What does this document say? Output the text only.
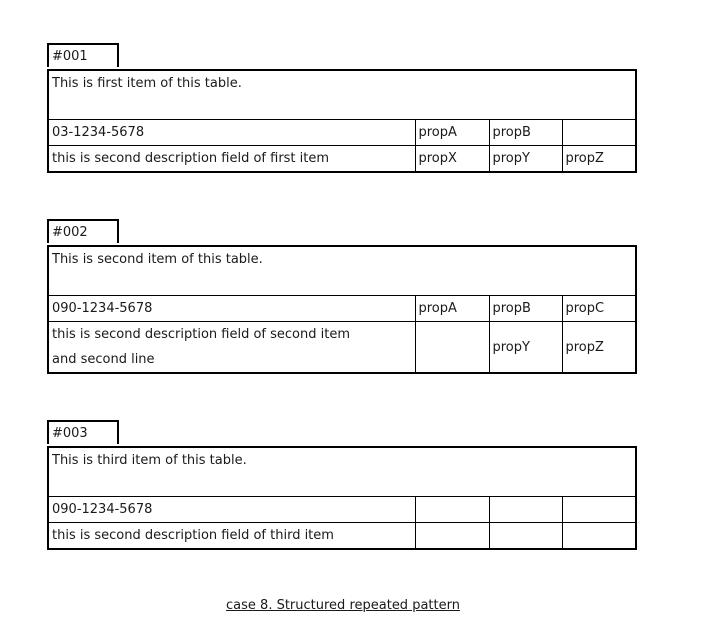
#001
This is first item of this table.			
03-1234-5678	propA	propB	
this is second description field of first item	propX	propY	propZ
#002
This is second item of this table.			
090-1234-5678	propA	propB	propC

this is second description field of second item
and second line		propY	propZ
#003
This is third item of this table.			
090-1234-5678			
this is second description field of third item			
case 8. Structured repeated pattern
